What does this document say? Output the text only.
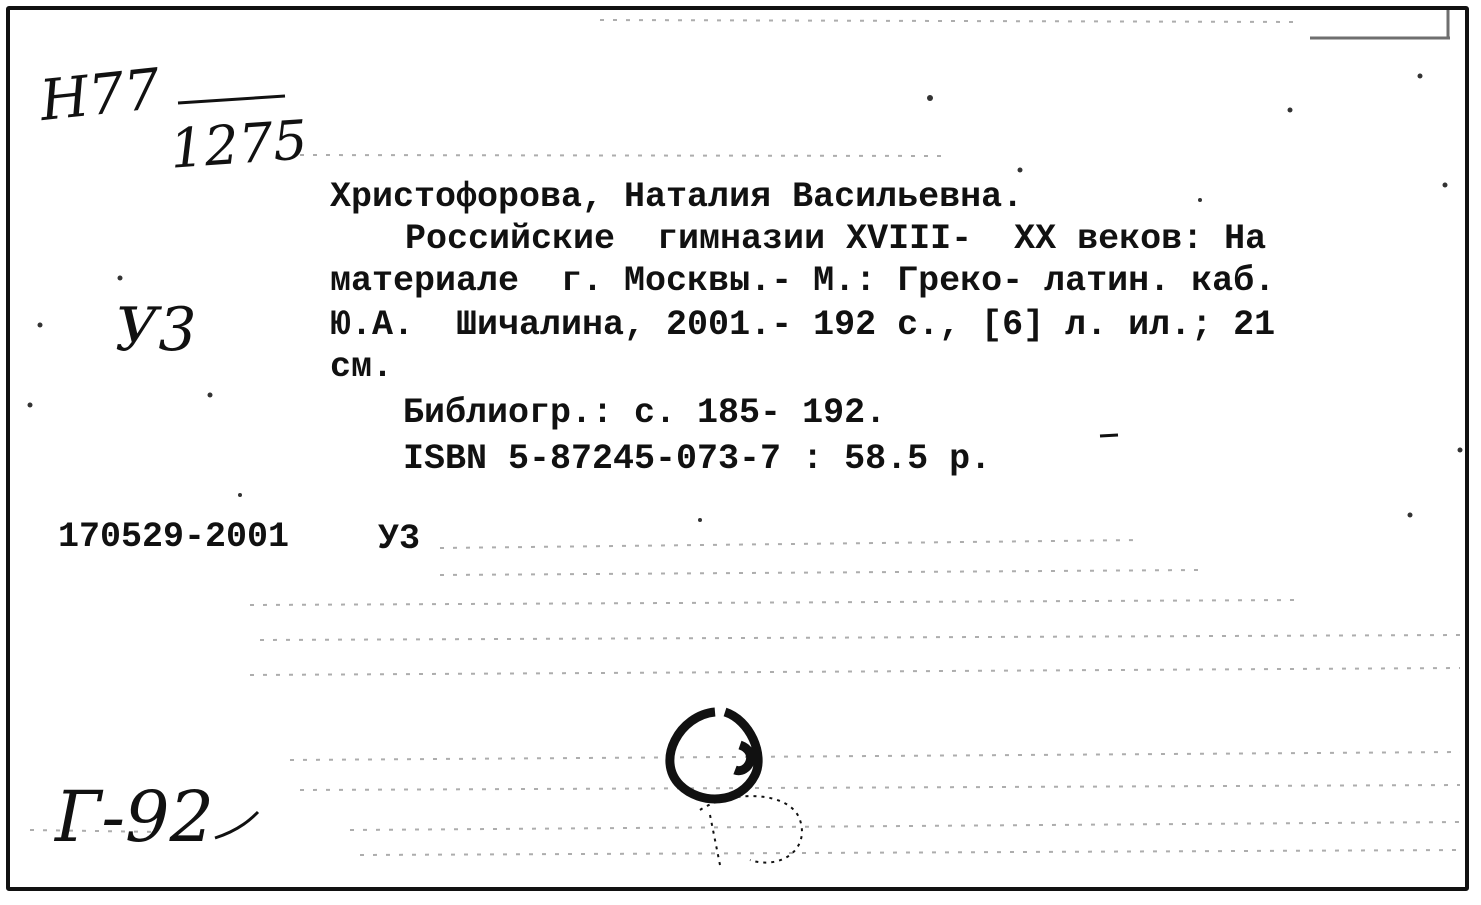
Н77
1275
У3
Г-92
Христофорова, Наталия Васильевна.
Российские  гимназии XVIII-  XX веков: На
материале  г. Москвы.- М.: Греко- латин. каб.
Ю.А.  Шичалина, 2001.- 192 с., [6] л. ил.; 21
см.
Библиогр.: с. 185- 192.
ISBN 5-87245-073-7 : 58.5 р.
170529-2001	У3
